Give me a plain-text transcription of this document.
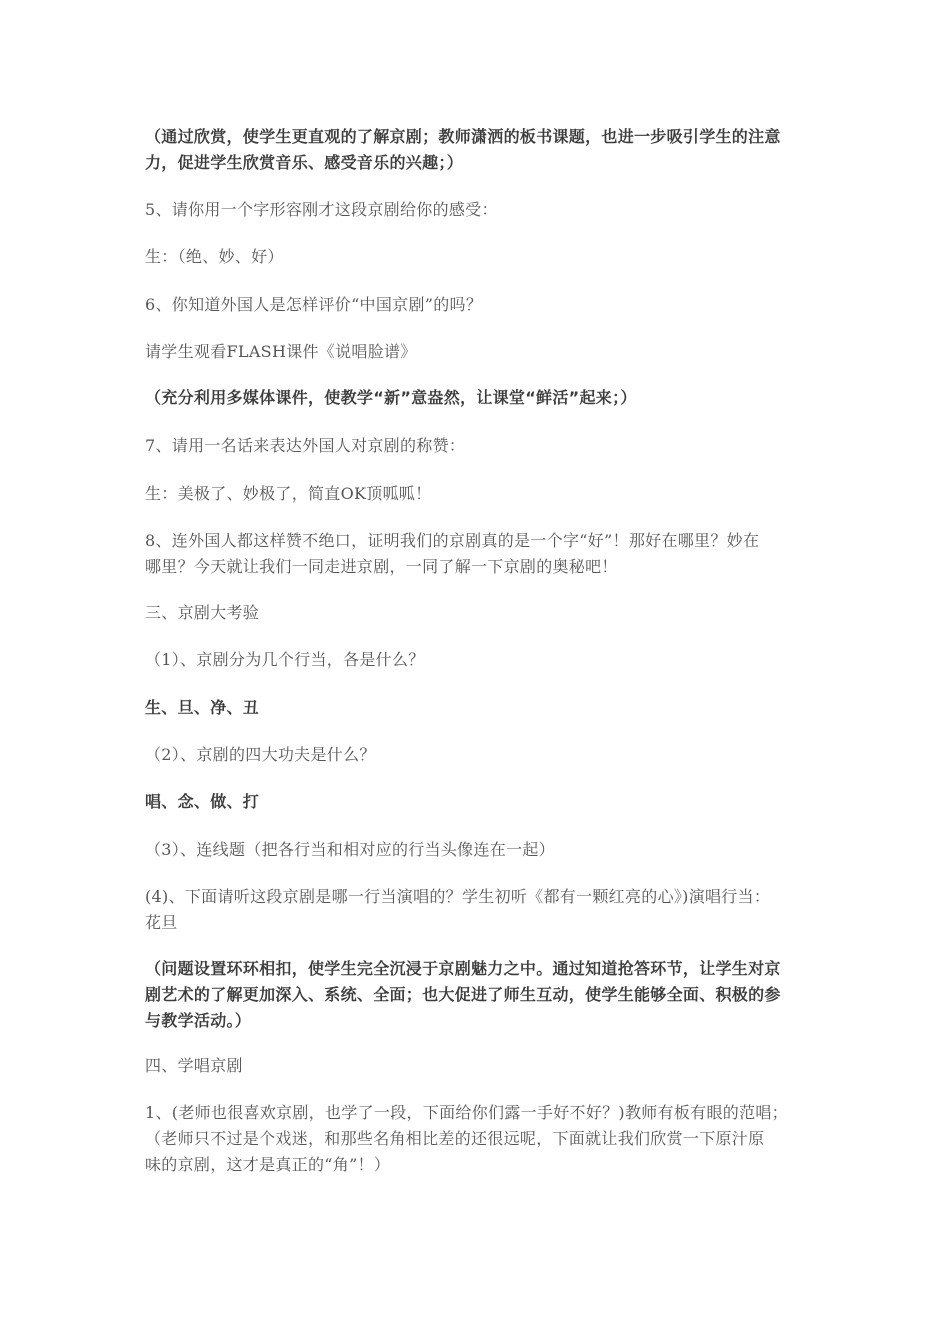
（通过欣赏，使学生更直观的了解京剧；教师潇洒的板书课题，也进一步吸引学生的注意
力，促进学生欣赏音乐、感受音乐的兴趣；）
5、请你用一个字形容刚才这段京剧给你的感受：
生：（绝、妙、好）
6、你知道外国人是怎样评价“中国京剧”的吗？
请学生观看FLASH课件《说唱脸谱》
（充分利用多媒体课件，使教学“新”意盎然，让课堂“鲜活”起来；）
7、请用一名话来表达外国人对京剧的称赞：
生：美极了、妙极了，简直OK顶呱呱！
8、连外国人都这样赞不绝口，证明我们的京剧真的是一个字“好”！那好在哪里？妙在
哪里？今天就让我们一同走进京剧，一同了解一下京剧的奥秘吧！
三、京剧大考验
（1）、京剧分为几个行当，各是什么？
生、旦、净、丑
（2）、京剧的四大功夫是什么？
唱、念、做、打
（3）、连线题（把各行当和相对应的行当头像连在一起）
(4)、下面请听这段京剧是哪一行当演唱的？学生初听《都有一颗红亮的心》)演唱行当：
花旦
（问题设置环环相扣，使学生完全沉浸于京剧魅力之中。通过知道抢答环节，让学生对京
剧艺术的了解更加深入、系统、全面；也大促进了师生互动，使学生能够全面、积极的参
与教学活动。）
四、学唱京剧
1、(老师也很喜欢京剧，也学了一段，下面给你们露一手好不好？)教师有板有眼的范唱；
（老师只不过是个戏迷，和那些名角相比差的还很远呢，下面就让我们欣赏一下原汁原
味的京剧，这才是真正的“角”！）
